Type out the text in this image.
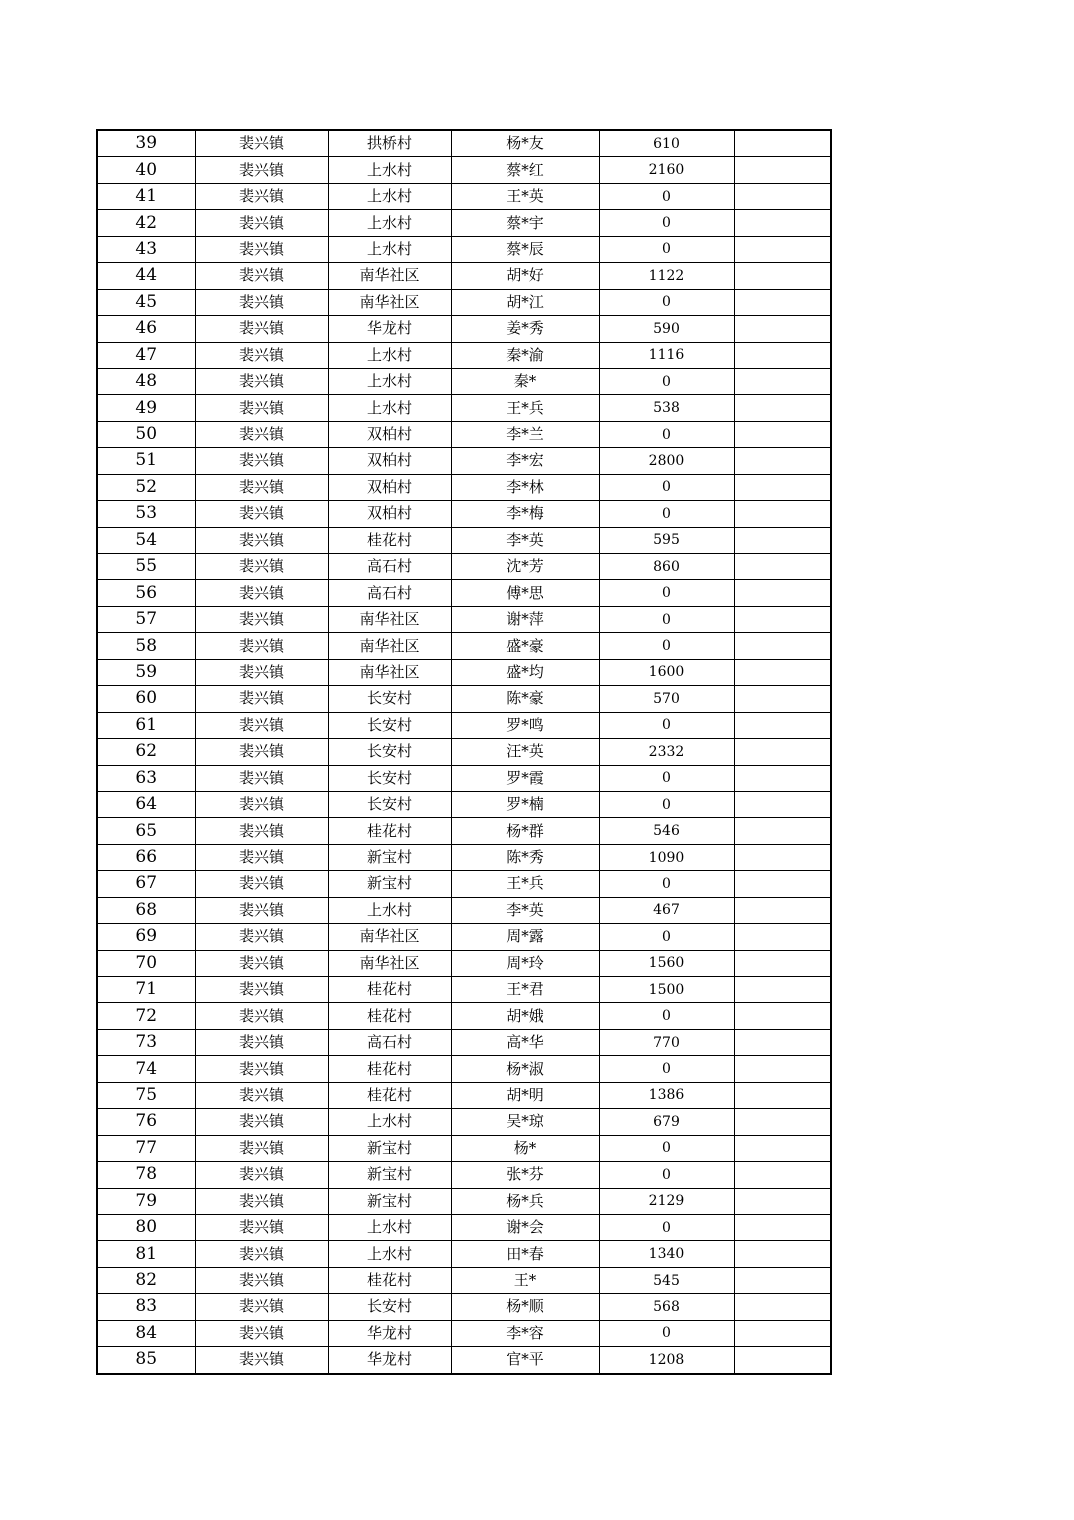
39	裴兴镇	拱桥村	杨*友	610	
40	裴兴镇	上水村	蔡*红	2160	
41	裴兴镇	上水村	王*英	0	
42	裴兴镇	上水村	蔡*宇	0	
43	裴兴镇	上水村	蔡*辰	0	
44	裴兴镇	南华社区	胡*好	1122	
45	裴兴镇	南华社区	胡*江	0	
46	裴兴镇	华龙村	姜*秀	590	
47	裴兴镇	上水村	秦*渝	1116	
48	裴兴镇	上水村	秦*	0	
49	裴兴镇	上水村	王*兵	538	
50	裴兴镇	双柏村	李*兰	0	
51	裴兴镇	双柏村	李*宏	2800	
52	裴兴镇	双柏村	李*林	0	
53	裴兴镇	双柏村	李*梅	0	
54	裴兴镇	桂花村	李*英	595	
55	裴兴镇	高石村	沈*芳	860	
56	裴兴镇	高石村	傅*思	0	
57	裴兴镇	南华社区	谢*萍	0	
58	裴兴镇	南华社区	盛*豪	0	
59	裴兴镇	南华社区	盛*均	1600	
60	裴兴镇	长安村	陈*豪	570	
61	裴兴镇	长安村	罗*鸣	0	
62	裴兴镇	长安村	汪*英	2332	
63	裴兴镇	长安村	罗*霞	0	
64	裴兴镇	长安村	罗*楠	0	
65	裴兴镇	桂花村	杨*群	546	
66	裴兴镇	新宝村	陈*秀	1090	
67	裴兴镇	新宝村	王*兵	0	
68	裴兴镇	上水村	李*英	467	
69	裴兴镇	南华社区	周*露	0	
70	裴兴镇	南华社区	周*玲	1560	
71	裴兴镇	桂花村	王*君	1500	
72	裴兴镇	桂花村	胡*娥	0	
73	裴兴镇	高石村	高*华	770	
74	裴兴镇	桂花村	杨*淑	0	
75	裴兴镇	桂花村	胡*明	1386	
76	裴兴镇	上水村	吴*琼	679	
77	裴兴镇	新宝村	杨*	0	
78	裴兴镇	新宝村	张*芬	0	
79	裴兴镇	新宝村	杨*兵	2129	
80	裴兴镇	上水村	谢*会	0	
81	裴兴镇	上水村	田*春	1340	
82	裴兴镇	桂花村	王*	545	
83	裴兴镇	长安村	杨*顺	568	
84	裴兴镇	华龙村	李*容	0	
85	裴兴镇	华龙村	官*平	1208	
